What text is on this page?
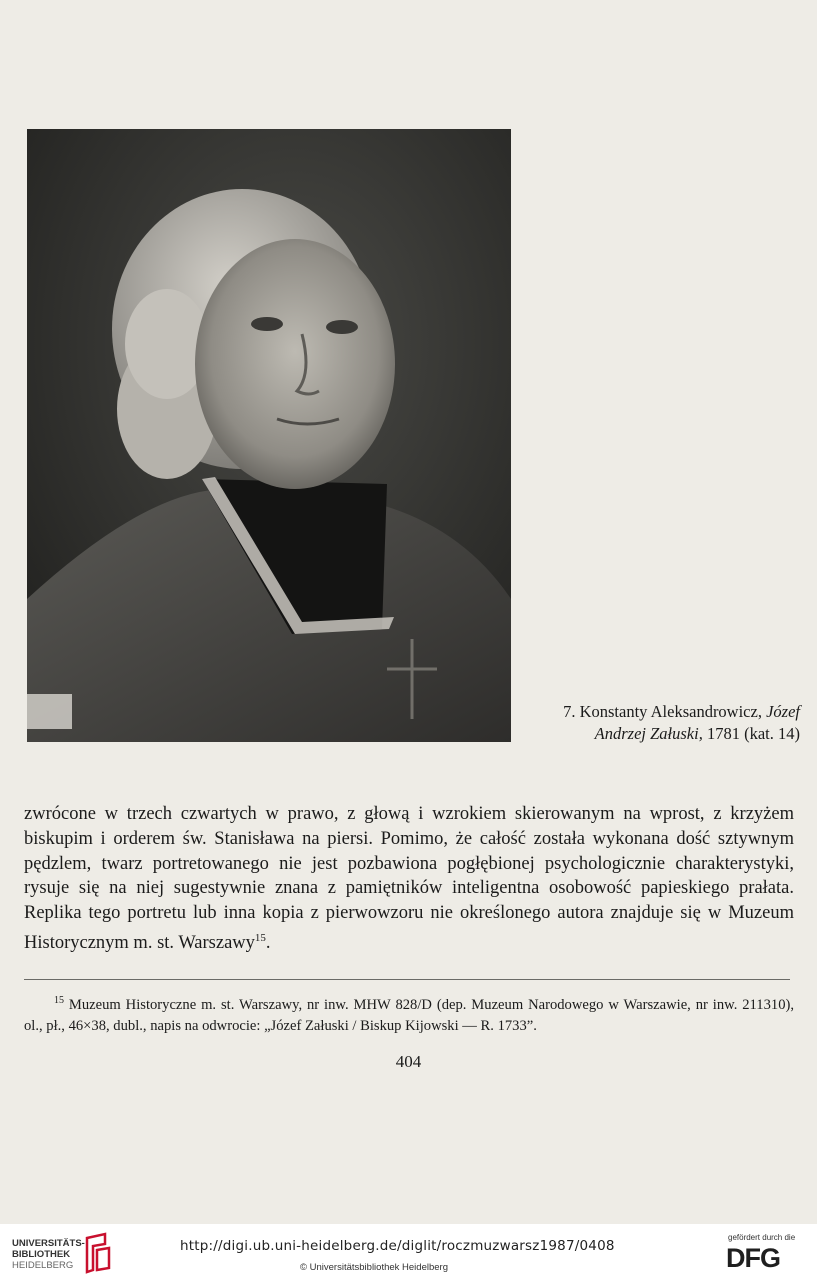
7. Konstanty Aleksandrowicz, Józef Andrzej Załuski, 1781 (kat. 14)
zwrócone w trzech czwartych w prawo, z głową i wzrokiem skierowanym na wprost, z krzyżem biskupim i orderem św. Stanisława na piersi. Pomimo, że całość została wykonana dość sztywnym pędzlem, twarz portretowanego nie jest pozbawiona pogłębionej psychologicznie charakterystyki, rysuje się na niej sugestywnie znana z pamiętników inteligentna osobowość papieskiego prałata. Replika tego portretu lub inna kopia z pierwowzoru nie określonego autora znajduje się w Muzeum Historycznym m. st. Warszawy$^{15}$.
$^{15}$ Muzeum Historyczne m. st. Warszawy, nr inw. MHW 828/D (dep. Muzeum Narodowego w Warszawie, nr inw. 211310), ol., pł., 46×38, dubl., napis na odwrocie: „Józef Załuski / Biskup Kijowski — R. 1733”.
404
UNIVERSITÄTS-
BIBLIOTHEK
HEIDELBERG
http://digi.ub.uni-heidelberg.de/diglit/roczmuzwarsz1987/0408
© Universitätsbibliothek Heidelberg
gefördert durch die
DFG
